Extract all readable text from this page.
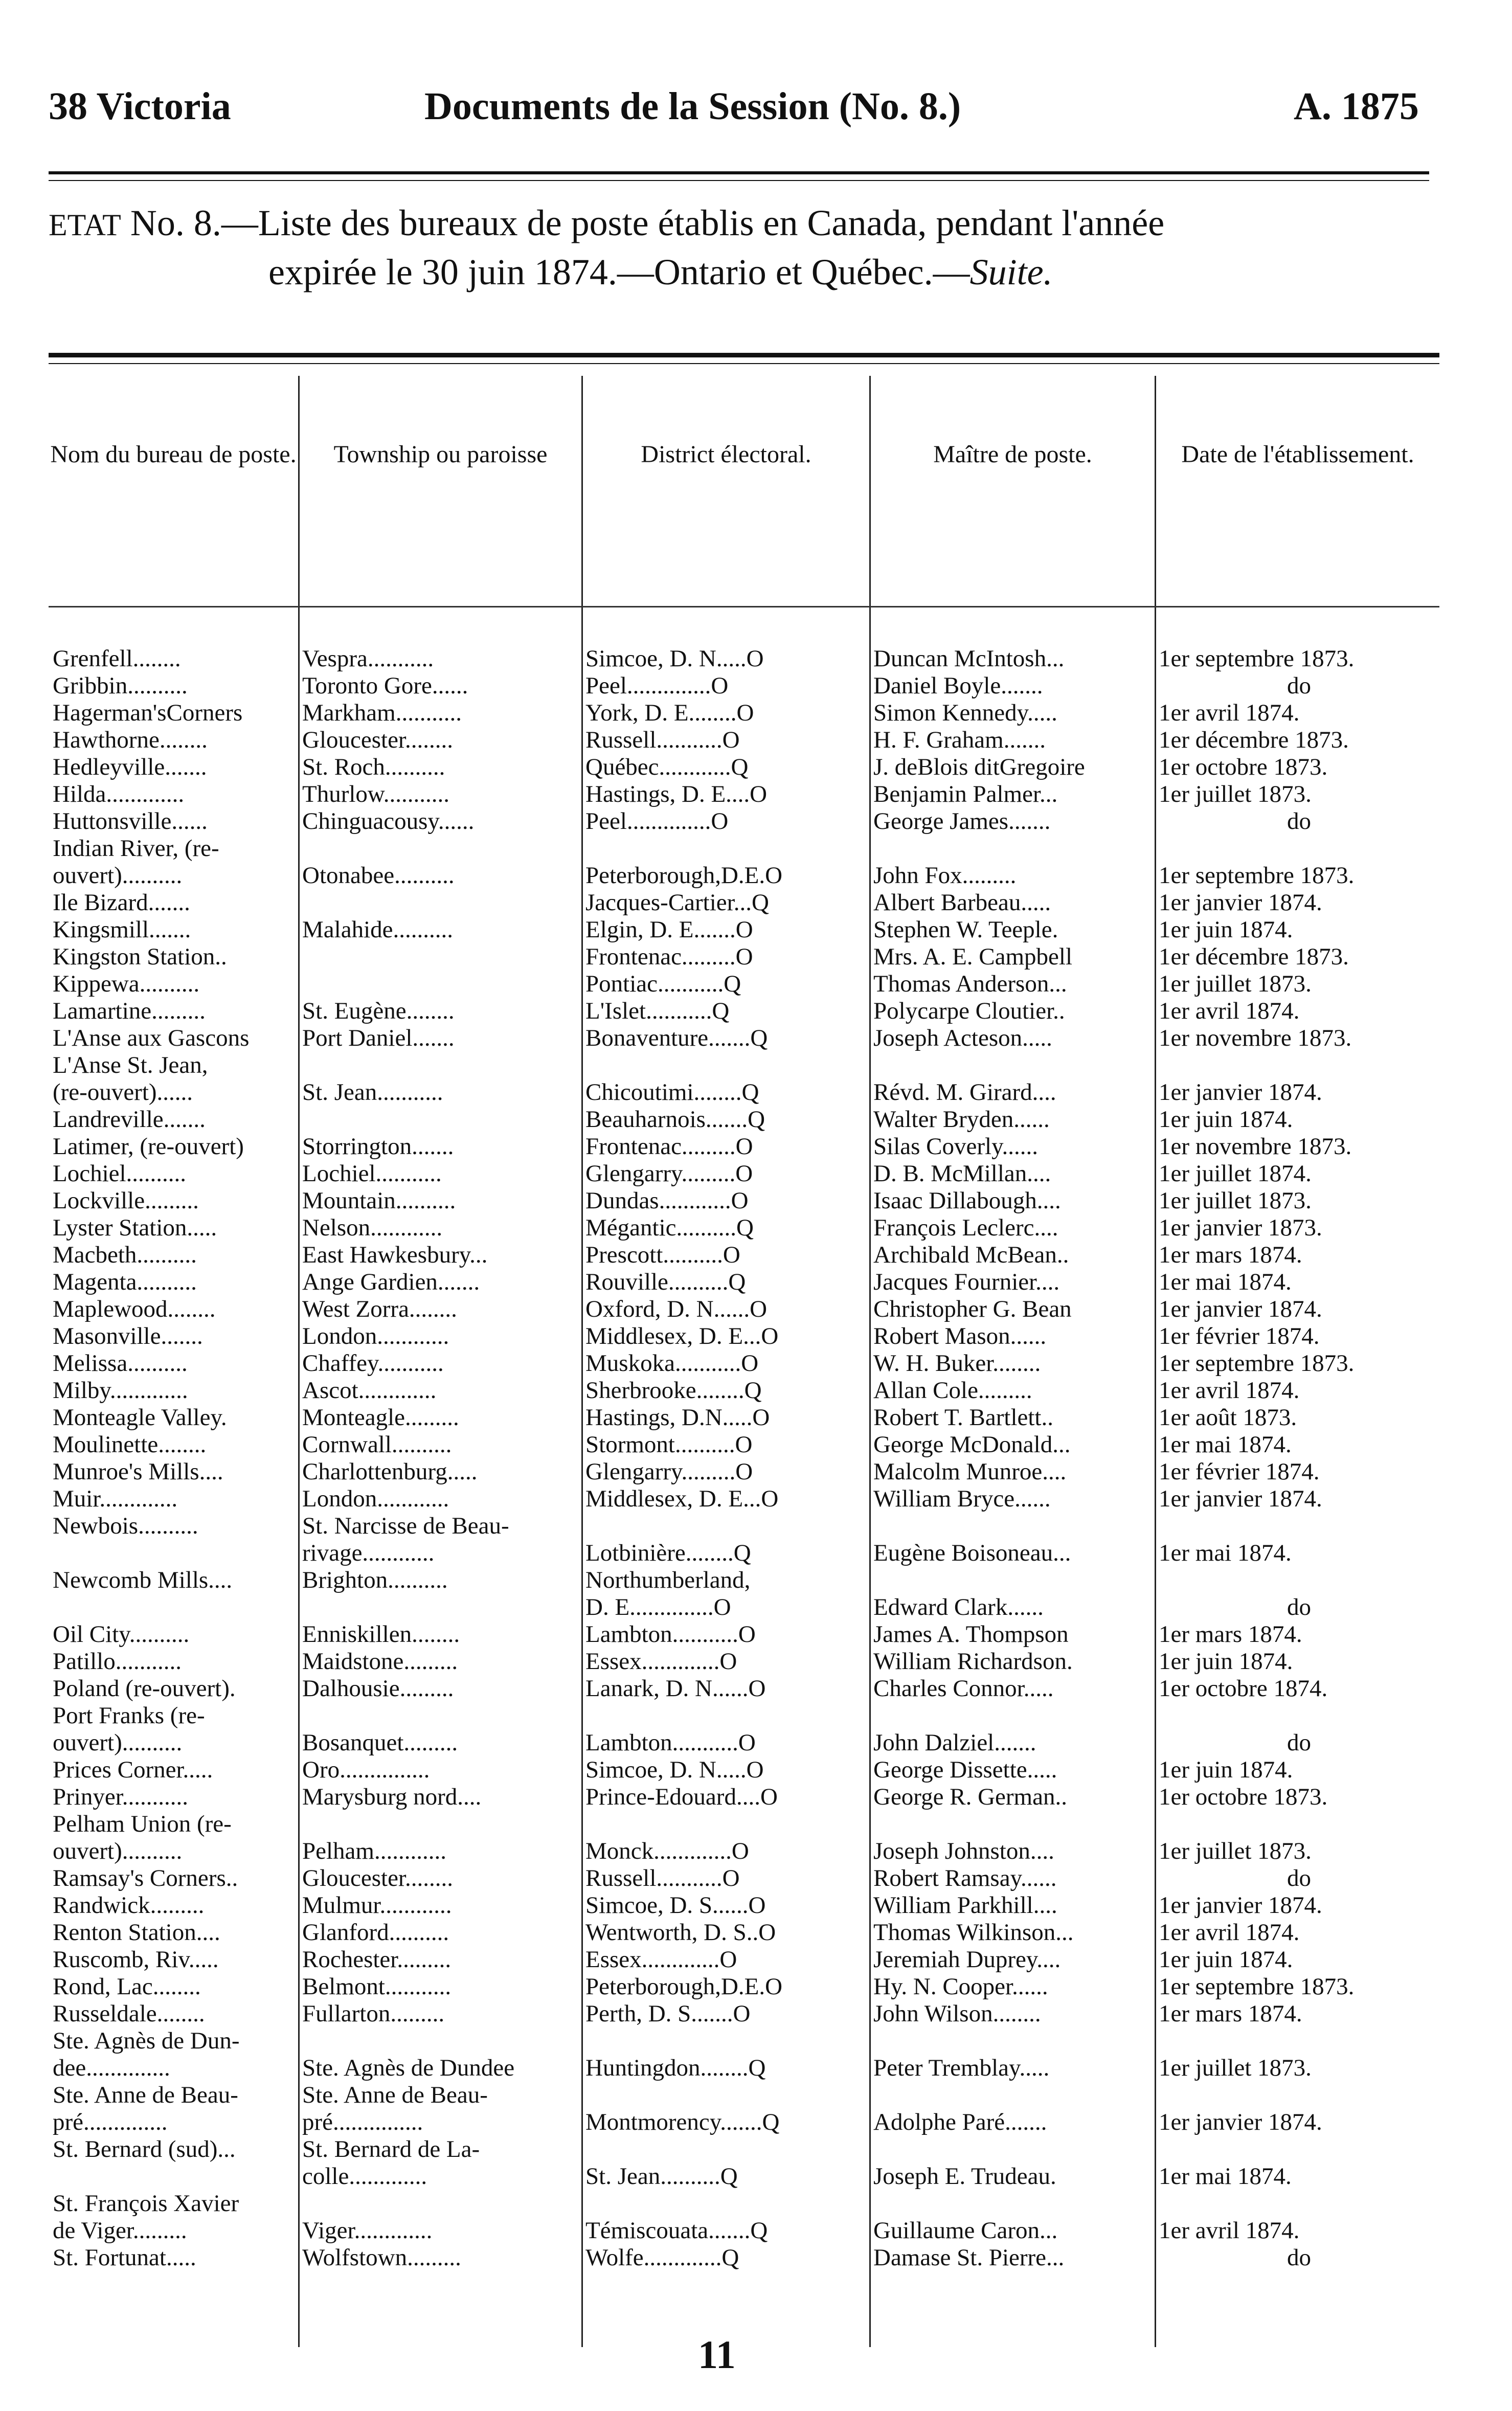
38 Victoria	Documents de la Session (No. 8.)	A. 1875
ETAT No. 8.—Liste des bureaux de poste établis en Canada, pendant l'année
expirée le 30 juin 1874.—Ontario et Québec.—Suite.
Nom du bureau de poste.	Township ou paroisse	District électoral.	Maître de poste.	Date de l'établissement.
Grenfell........	Vespra...........	Simcoe, D. N.....O	Duncan McIntosh...	1er septembre 1873.
Gribbin..........	Toronto Gore......	Peel..............O	Daniel Boyle.......	do
Hagerman'sCorners	Markham...........	York, D. E........O	Simon Kennedy.....	1er avril 1874.
Hawthorne........	Gloucester........	Russell...........O	H. F. Graham.......	1er décembre 1873.
Hedleyville.......	St. Roch..........	Québec............Q	J. deBlois ditGregoire	1er octobre 1873.
Hilda.............	Thurlow...........	Hastings, D. E....O	Benjamin Palmer...	1er juillet 1873.
Huttonsville......	Chinguacousy......	Peel..............O	George James.......	do
Indian River, (re-				
ouvert)..........	Otonabee..........	Peterborough,D.E.O	John Fox.........	1er septembre 1873.
Ile Bizard.......		Jacques-Cartier...Q	Albert Barbeau.....	1er janvier 1874.
Kingsmill.......	Malahide..........	Elgin, D. E.......O	Stephen W. Teeple.	1er juin 1874.
Kingston Station..		Frontenac.........O	Mrs. A. E. Campbell	1er décembre 1873.
Kippewa..........		Pontiac...........Q	Thomas Anderson...	1er juillet 1873.
Lamartine.........	St. Eugène........	L'Islet...........Q	Polycarpe Cloutier..	1er avril 1874.
L'Anse aux Gascons	Port Daniel.......	Bonaventure.......Q	Joseph Acteson.....	1er novembre 1873.
L'Anse St. Jean,				
(re-ouvert)......	St. Jean...........	Chicoutimi........Q	Révd. M. Girard....	1er janvier 1874.
Landreville.......		Beauharnois.......Q	Walter Bryden......	1er juin 1874.
Latimer, (re-ouvert)	Storrington.......	Frontenac.........O	Silas Coverly......	1er novembre 1873.
Lochiel..........	Lochiel...........	Glengarry.........O	D. B. McMillan....	1er juillet 1874.
Lockville.........	Mountain..........	Dundas............O	Isaac Dillabough....	1er juillet 1873.
Lyster Station.....	Nelson............	Mégantic..........Q	François Leclerc....	1er janvier 1873.
Macbeth..........	East Hawkesbury...	Prescott..........O	Archibald McBean..	1er mars 1874.
Magenta..........	Ange Gardien.......	Rouville..........Q	Jacques Fournier....	1er mai 1874.
Maplewood........	West Zorra........	Oxford, D. N......O	Christopher G. Bean	1er janvier 1874.
Masonville.......	London............	Middlesex, D. E...O	Robert Mason......	1er février 1874.
Melissa..........	Chaffey...........	Muskoka...........O	W. H. Buker........	1er septembre 1873.
Milby.............	Ascot.............	Sherbrooke........Q	Allan Cole.........	1er avril 1874.
Monteagle Valley.	Monteagle.........	Hastings, D.N.....O	Robert T. Bartlett..	1er août 1873.
Moulinette........	Cornwall..........	Stormont..........O	George McDonald...	1er mai 1874.
Munroe's Mills....	Charlottenburg.....	Glengarry.........O	Malcolm Munroe....	1er février 1874.
Muir.............	London............	Middlesex, D. E...O	William Bryce......	1er janvier 1874.
Newbois..........	St. Narcisse de Beau-			
	rivage............	Lotbinière........Q	Eugène Boisoneau...	1er mai 1874.
Newcomb Mills....	Brighton..........	Northumberland,		
		D. E..............O	Edward Clark......	do
Oil City..........	Enniskillen........	Lambton...........O	James A. Thompson	1er mars 1874.
Patillo...........	Maidstone.........	Essex.............O	William Richardson.	1er juin 1874.
Poland (re-ouvert).	Dalhousie.........	Lanark, D. N......O	Charles Connor.....	1er octobre 1874.
Port Franks (re-				
ouvert)..........	Bosanquet.........	Lambton...........O	John Dalziel.......	do
Prices Corner.....	Oro...............	Simcoe, D. N.....O	George Dissette.....	1er juin 1874.
Prinyer...........	Marysburg nord....	Prince-Edouard....O	George R. German..	1er octobre 1873.
Pelham Union (re-				
ouvert)..........	Pelham............	Monck.............O	Joseph Johnston....	1er juillet 1873.
Ramsay's Corners..	Gloucester........	Russell...........O	Robert Ramsay......	do
Randwick.........	Mulmur............	Simcoe, D. S......O	William Parkhill....	1er janvier 1874.
Renton Station....	Glanford..........	Wentworth, D. S..O	Thomas Wilkinson...	1er avril 1874.
Ruscomb, Riv.....	Rochester.........	Essex.............O	Jeremiah Duprey....	1er juin 1874.
Rond, Lac........	Belmont...........	Peterborough,D.E.O	Hy. N. Cooper......	1er septembre 1873.
Russeldale........	Fullarton.........	Perth, D. S.......O	John Wilson........	1er mars 1874.
Ste. Agnès de Dun-				
dee..............	Ste. Agnès de Dundee	Huntingdon........Q	Peter Tremblay.....	1er juillet 1873.
Ste. Anne de Beau-	Ste. Anne de Beau-			
pré..............	pré...............	Montmorency.......Q	Adolphe Paré.......	1er janvier 1874.
St. Bernard (sud)...	St. Bernard de La-			
	colle.............	St. Jean..........Q	Joseph E. Trudeau.	1er mai 1874.
St. François Xavier				
de Viger.........	Viger.............	Témiscouata.......Q	Guillaume Caron...	1er avril 1874.
St. Fortunat.....	Wolfstown.........	Wolfe.............Q	Damase St. Pierre...	do
11
